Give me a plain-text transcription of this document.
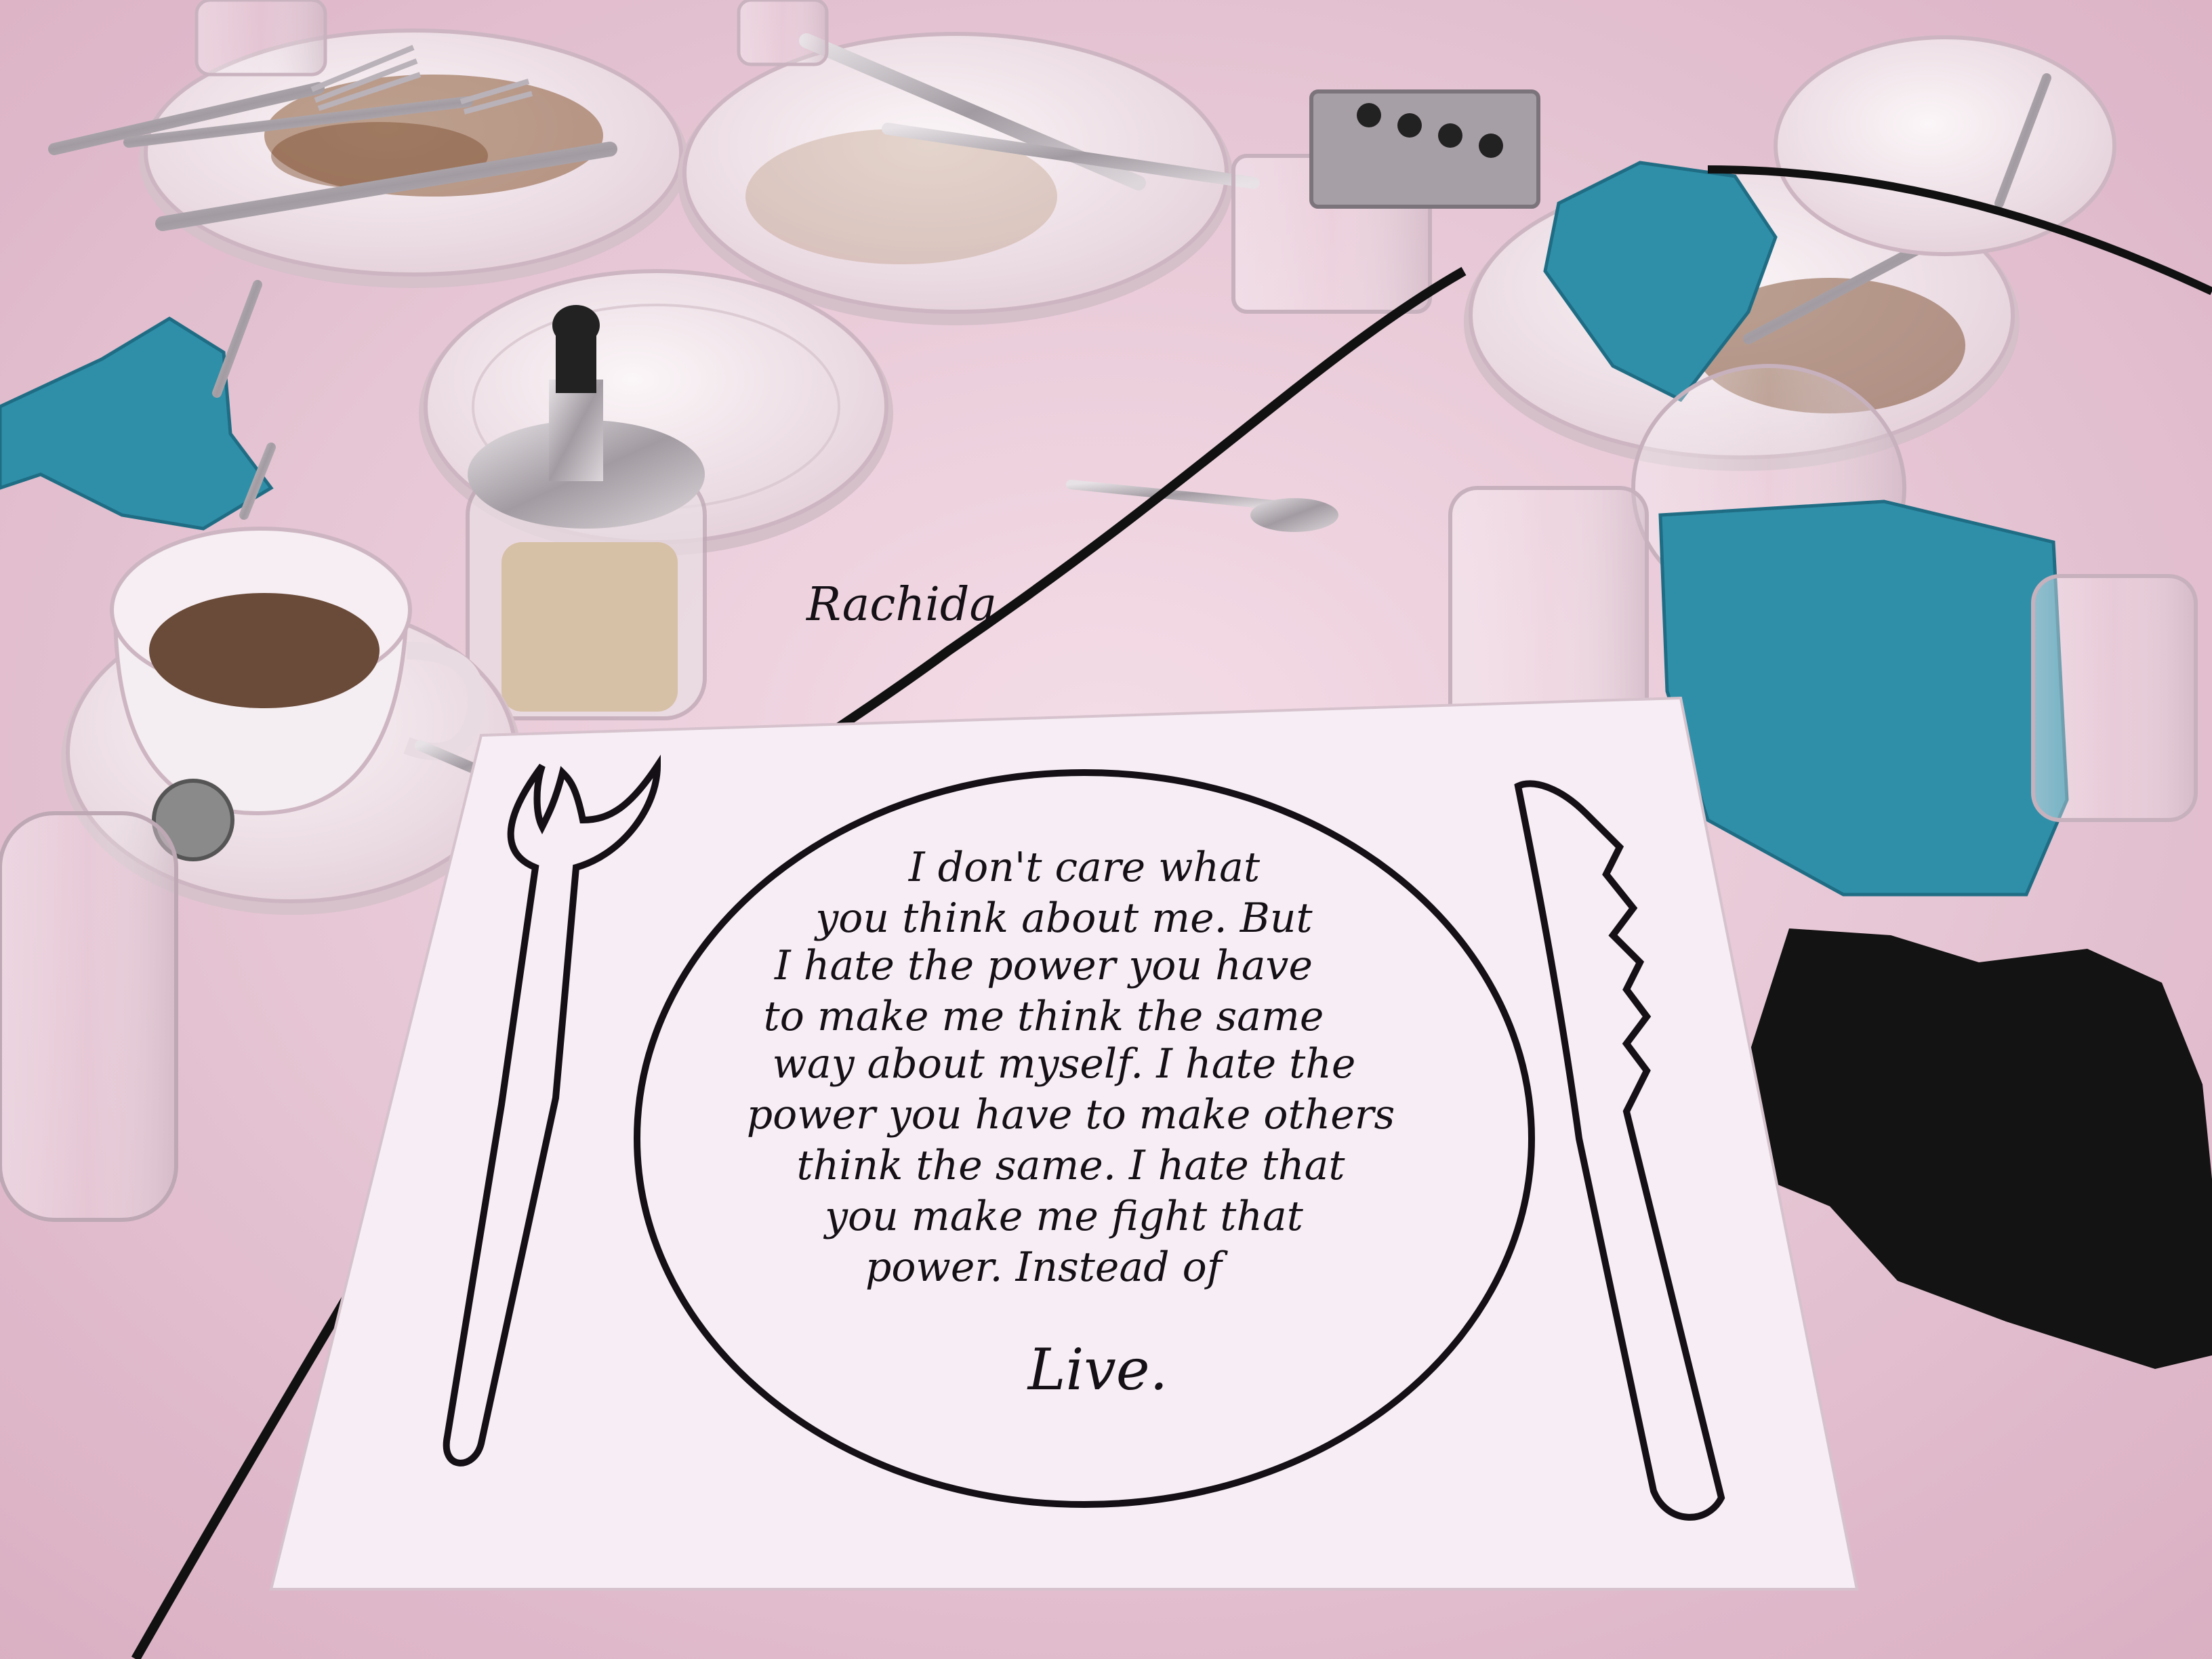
Rachida
I don't care what
you think about me. But
I hate the power you have
to make me think the same
way about myself. I hate the
power you have to make others
think the same. I hate that
you make me fight that
power. Instead of
Live.
